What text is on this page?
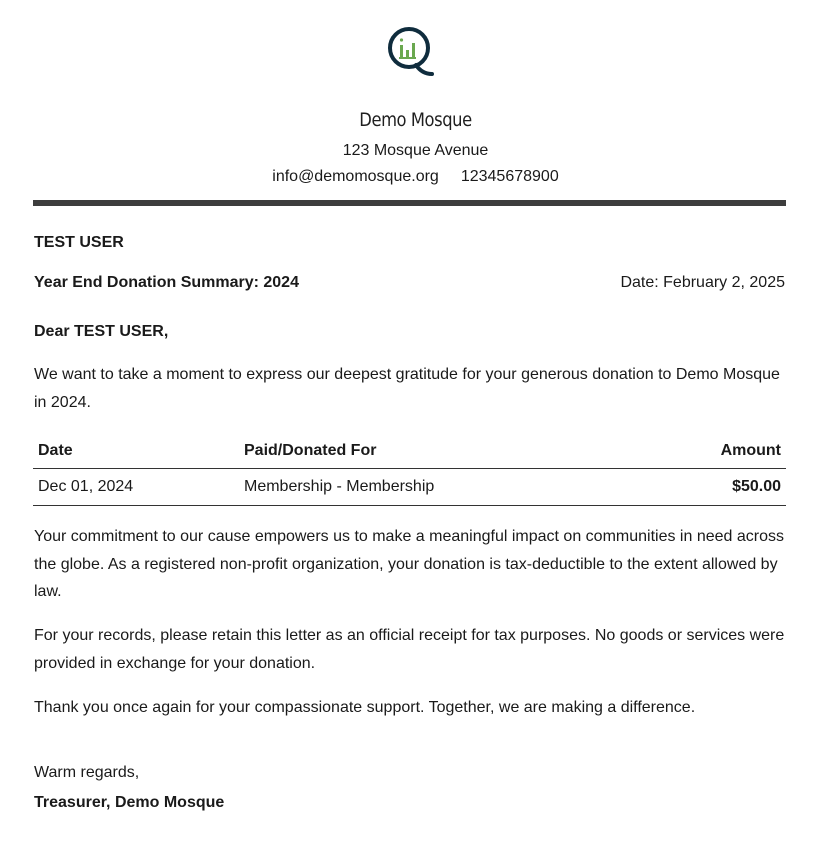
Demo Mosque
123 Mosque Avenue
info@demomosque.org 12345678900
TEST USER
Year End Donation Summary: 2024	Date: February 2, 2025
Dear TEST USER,

We want to take a moment to express our deepest gratitude for your generous donation to Demo Mosque in 2024.

Date	Paid/Donated For	Amount
Dec 01, 2024	Membership - Membership	$50.00

Your commitment to our cause empowers us to make a meaningful impact on communities in need across the globe. As a registered non-profit organization, your donation is tax-deductible to the extent allowed by law.

For your records, please retain this letter as an official receipt for tax purposes. No goods or services were provided in exchange for your donation.

Thank you once again for your compassionate support. Together, we are making a difference.

Warm regards,
Treasurer, Demo Mosque
